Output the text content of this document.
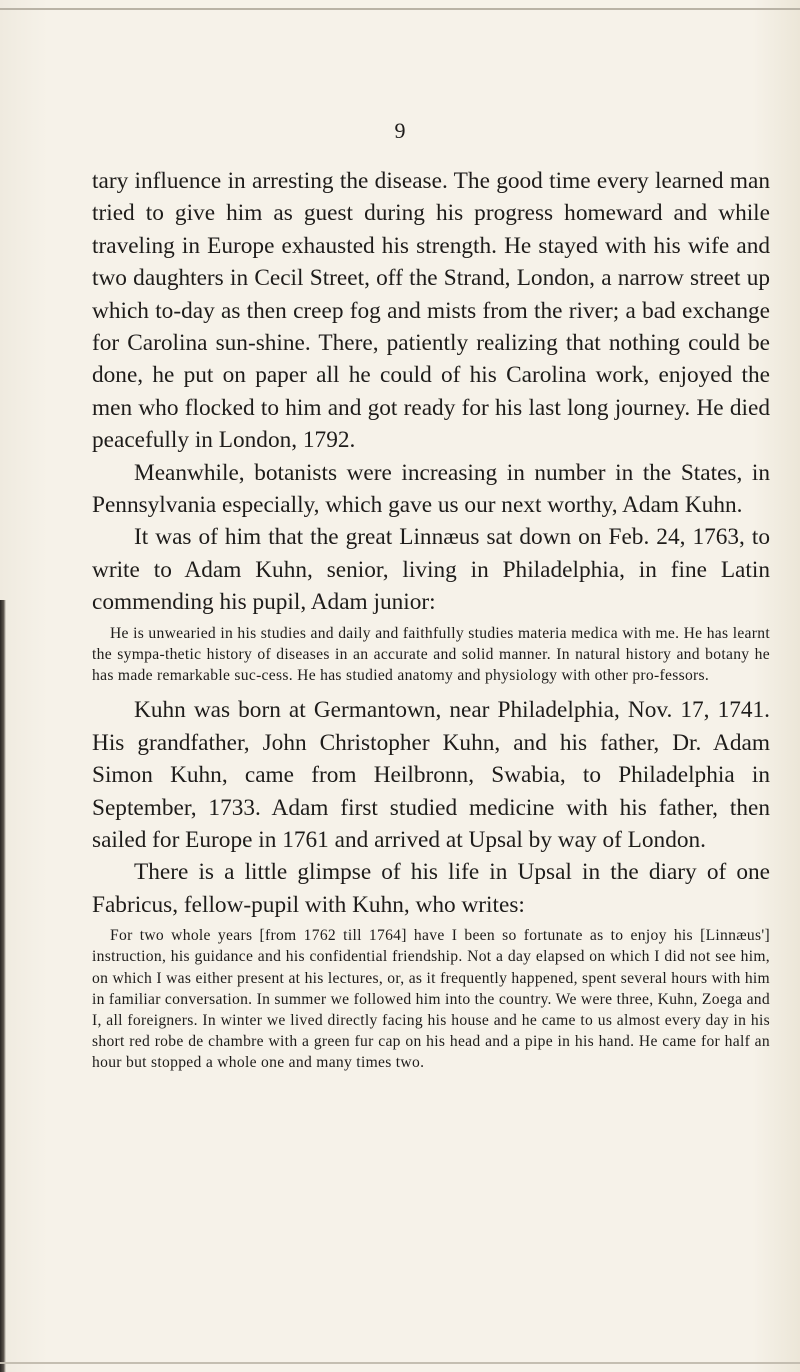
9

tary influence in arresting the disease. The good time every learned man tried to give him as guest during his progress homeward and while traveling in Europe exhausted his strength. He stayed with his wife and two daughters in Cecil Street, off the Strand, London, a narrow street up which to-day as then creep fog and mists from the river; a bad exchange for Carolina sun-shine. There, patiently realizing that nothing could be done, he put on paper all he could of his Carolina work, enjoyed the men who flocked to him and got ready for his last long journey. He died peacefully in London, 1792.

Meanwhile, botanists were increasing in number in the States, in Pennsylvania especially, which gave us our next worthy, Adam Kuhn.

It was of him that the great Linnæus sat down on Feb. 24, 1763, to write to Adam Kuhn, senior, living in Philadelphia, in fine Latin commending his pupil, Adam junior:

He is unwearied in his studies and daily and faithfully studies materia medica with me. He has learnt the sympa-thetic history of diseases in an accurate and solid manner. In natural history and botany he has made remarkable suc-cess. He has studied anatomy and physiology with other pro-fessors.

Kuhn was born at Germantown, near Philadelphia, Nov. 17, 1741. His grandfather, John Christopher Kuhn, and his father, Dr. Adam Simon Kuhn, came from Heilbronn, Swabia, to Philadelphia in September, 1733. Adam first studied medicine with his father, then sailed for Europe in 1761 and arrived at Upsal by way of London.

There is a little glimpse of his life in Upsal in the diary of one Fabricus, fellow-pupil with Kuhn, who writes:

For two whole years [from 1762 till 1764] have I been so fortunate as to enjoy his [Linnæus'] instruction, his guidance and his confidential friendship. Not a day elapsed on which I did not see him, on which I was either present at his lectures, or, as it frequently happened, spent several hours with him in familiar conversation. In summer we followed him into the country. We were three, Kuhn, Zoega and I, all foreigners. In winter we lived directly facing his house and he came to us almost every day in his short red robe de chambre with a green fur cap on his head and a pipe in his hand. He came for half an hour but stopped a whole one and many times two.
